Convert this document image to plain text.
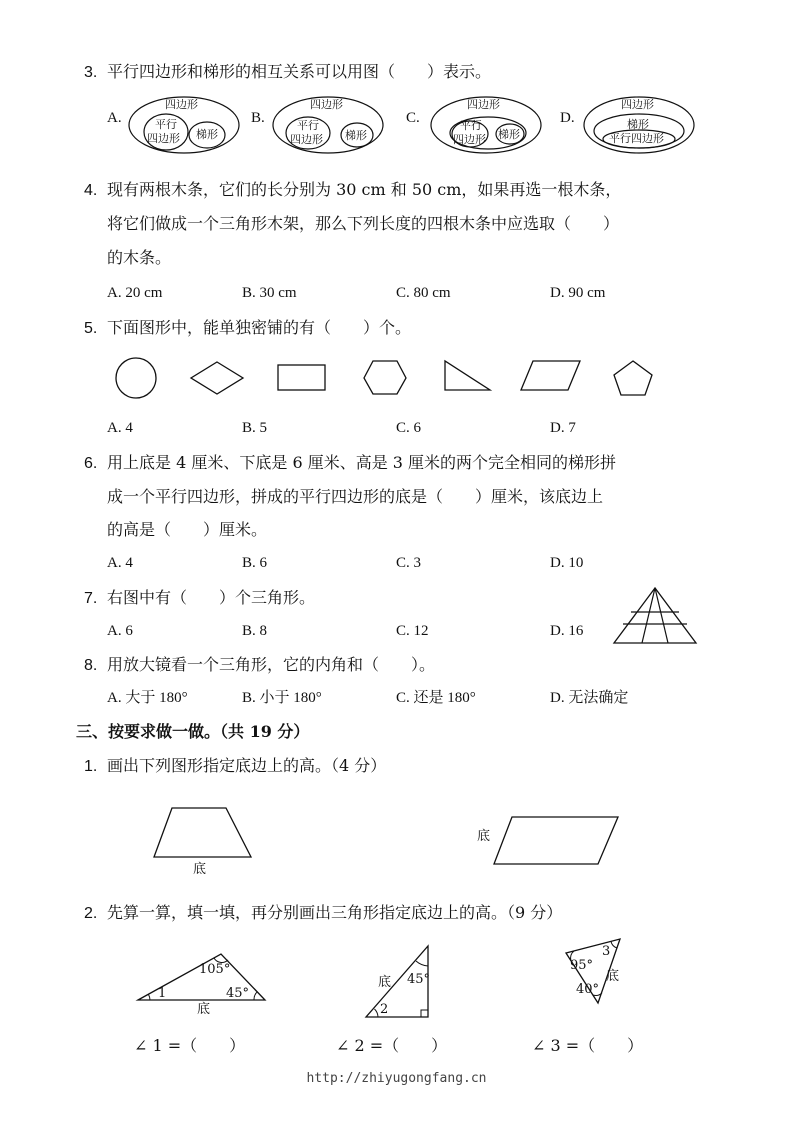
3. 平行四边形和梯形的相互关系可以用图（　　）表示。
A.
四边形
平行
四边形 梯形
B.
四边形
平行
四边形 梯形
C.
四边形
平行
四边形 梯形
D.
四边形
梯形
平行四边形
4. 现有两根木条，它们的长分别为 30 cm 和 50 cm，如果再选一根木条，
将它们做成一个三角形木架，那么下列长度的四根木条中应选取（　　）
的木条。
A. 20 cm	B. 30 cm	C. 80 cm	D. 90 cm
5. 下面图形中，能单独密铺的有（　　）个。
A. 4	B. 5	C. 6	D. 7
6. 用上底是 4 厘米、下底是 6 厘米、高是 3 厘米的两个完全相同的梯形拼
成一个平行四边形，拼成的平行四边形的底是（　　）厘米，该底边上
的高是（　　）厘米。
A. 4	B. 6	C. 3	D. 10
7. 右图中有（　　）个三角形。
A. 6	B. 8	C. 12	D. 16
8. 用放大镜看一个三角形，它的内角和（　　）。
A. 大于 180°	B. 小于 180°	C. 还是 180°	D. 无法确定
三、按要求做一做。（共 19 分）
1. 画出下列图形指定底边上的高。（4 分）
底
底
2. 先算一算，填一填，再分别画出三角形指定底边上的高。（9 分）
105°
45°
1
底
45°
2
底
95°
3
40°
底
∠ 1 =（　　）	∠ 2 =（　　）	∠ 3 =（　　）
http://zhiyugongfang.cn
